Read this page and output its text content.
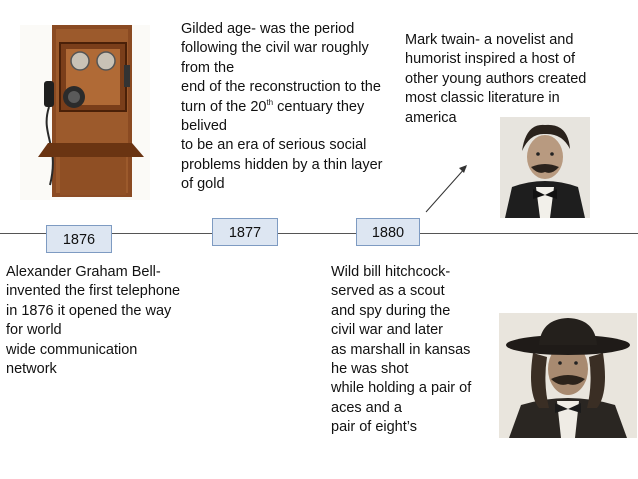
1876	1877	1880
Gilded age- was the period
following the civil war roughly
from the
end of the reconstruction to the
turn of the 20th centuary they
belived
to be an era of serious social
problems hidden by a thin layer
of gold
Mark twain- a novelist and
humorist inspired a host of
other young authors created
most classic literature in
america
Alexander Graham Bell-
invented the first telephone
in 1876 it opened the way
for world
wide communication
network
Wild bill hitchcock-
served as a scout
and spy during the
civil war and later
as marshall in kansas
he was shot
while holding a pair of
aces and a
pair of eight’s
